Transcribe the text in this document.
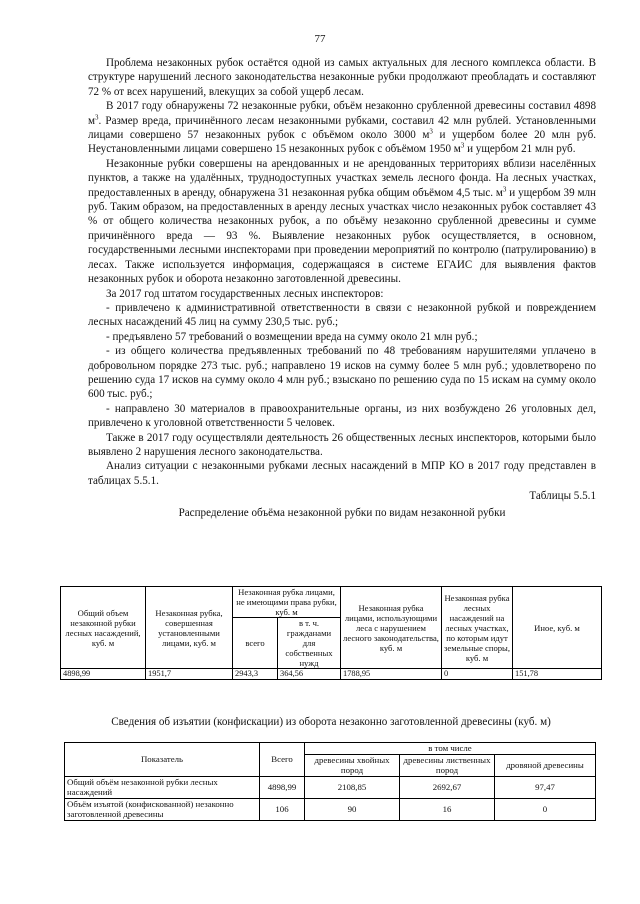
77

Проблема незаконных рубок остаётся одной из самых актуальных для лесного комплекса области. В структуре нарушений лесного законодательства незаконные рубки продолжают преобладать и составляют 72 % от всех нарушений, влекущих за собой ущерб лесам.

В 2017 году обнаружены 72 незаконные рубки, объём незаконно срубленной древесины составил 4898 $м^3$. Размер вреда, причинённого лесам незаконными рубками, составил 42 млн рублей. Установленными лицами совершено 57 незаконных рубок с объёмом около 3000 $м^3$ и ущербом более 20 млн руб. Неустановленными лицами совершено 15 незаконных рубок с объёмом 1950 $м^3$ и ущербом 21 млн руб.

Незаконные рубки совершены на арендованных и не арендованных территориях вблизи населённых пунктов, а также на удалённых, труднодоступных участках земель лесного фонда. На лесных участках, предоставленных в аренду, обнаружена 31 незаконная рубка общим объёмом 4,5 тыс. $м^3$ и ущербом 39 млн руб. Таким образом, на предоставленных в аренду лесных участках число незаконных рубок составляет 43 % от общего количества незаконных рубок, а по объёму незаконно срубленной древесины и сумме причинённого вреда — 93 %. Выявление незаконных рубок осуществляется, в основном, государственными лесными инспекторами при проведении мероприятий по контролю (патрулированию) в лесах. Также используется информация, содержащаяся в системе ЕГАИС для выявления фактов незаконных рубок и оборота незаконно заготовленной древесины.

За 2017 год штатом государственных лесных инспекторов:

- привлечено к административной ответственности в связи с незаконной рубкой и повреждением лесных насаждений 45 лиц на сумму 230,5 тыс. руб.;

- предъявлено 57 требований о возмещении вреда на сумму около 21 млн руб.;

- из общего количества предъявленных требований по 48 требованиям нарушителями уплачено в добровольном порядке 273 тыс. руб.; направлено 19 исков на сумму более 5 млн руб.; удовлетворено по решению суда 17 исков на сумму около 4 млн руб.; взыскано по решению суда по 15 искам на сумму около 600 тыс. руб.;

- направлено 30 материалов в правоохранительные органы, из них возбуждено 26 уголовных дел, привлечено к уголовной ответственности 5 человек.

Также в 2017 году осуществляли деятельность 26 общественных лесных инспекторов, которыми было выявлено 2 нарушения лесного законодательства.

Анализ ситуации с незаконными рубками лесных насаждений в МПР КО в 2017 году представлен в таблицах 5.5.1.

Таблицы 5.5.1

Распределение объёма незаконной рубки по видам незаконной рубки

Общий объем незаконной рубки лесных насаждений, куб. м	Незаконная рубка, совершенная установленными лицами, куб. м	Незаконная рубка лицами, не имеющими права рубки, куб. м		Незаконная рубка лицами, использующими леса с нарушением лесного законодательства, куб. м	Незаконная рубка лесных насаждений на лесных участках, по которым идут земельные споры, куб. м	Иное, куб. м
		всего	в т. ч. гражданами для собственных нужд			
4898,99	1951,7	2943,3	364,56	1788,95	0	151,78
Сведения об изъятии (конфискации) из оборота незаконно заготовленной древесины (куб. м)
Показатель	Всего	в том числе		
		древесины хвойных пород	древесины лиственных пород	дровяной древесины
Общий объём незаконной рубки лесных насаждений	4898,99	2108,85	2692,67	97,47
Объём изъятой (конфискованной) незаконно заготовленной древесины	106	90	16	0
